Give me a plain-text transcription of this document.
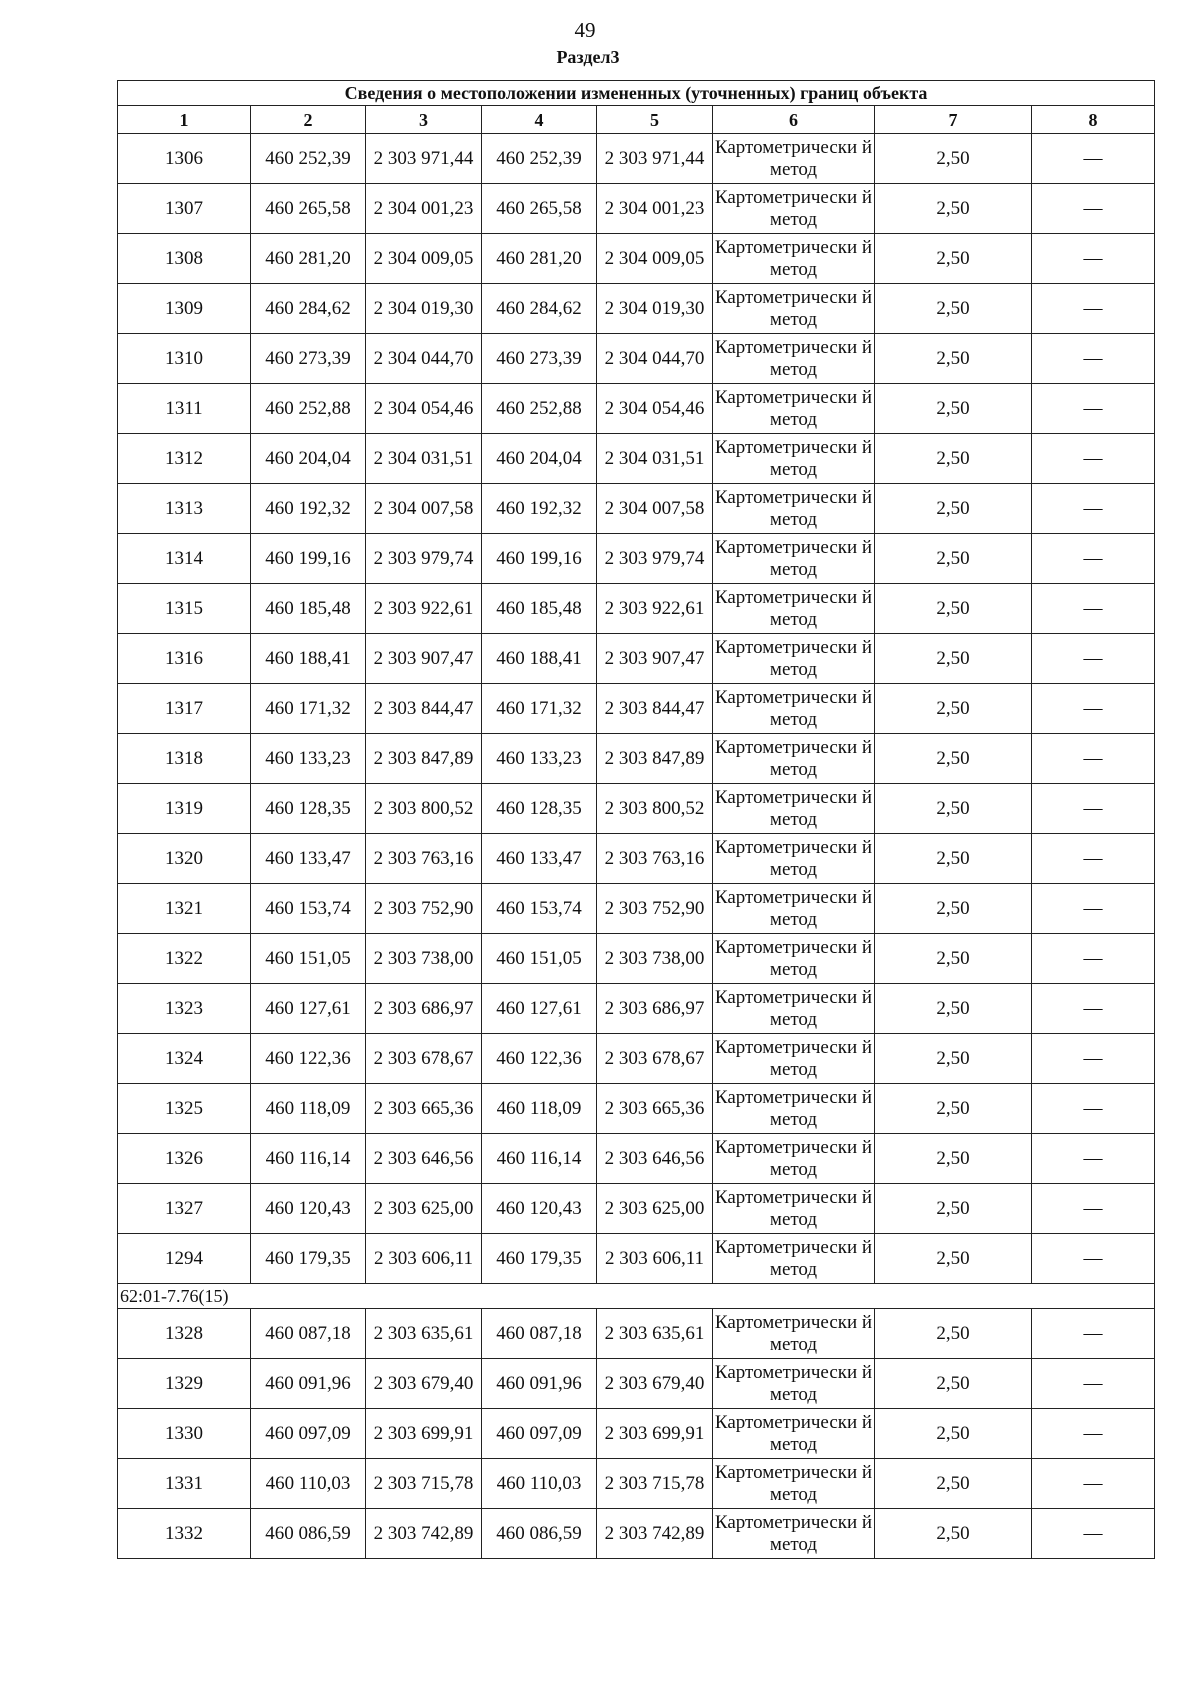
49
Раздел3
Сведения о местоположении измененных (уточненных) границ объекта							
1	2	3	4	5	6	7	8
1306	460 252,39	2 303 971,44	460 252,39	2 303 971,44	Картометрически й метод	2,50	—
1307	460 265,58	2 304 001,23	460 265,58	2 304 001,23	Картометрически й метод	2,50	—
1308	460 281,20	2 304 009,05	460 281,20	2 304 009,05	Картометрически й метод	2,50	—
1309	460 284,62	2 304 019,30	460 284,62	2 304 019,30	Картометрически й метод	2,50	—
1310	460 273,39	2 304 044,70	460 273,39	2 304 044,70	Картометрически й метод	2,50	—
1311	460 252,88	2 304 054,46	460 252,88	2 304 054,46	Картометрически й метод	2,50	—
1312	460 204,04	2 304 031,51	460 204,04	2 304 031,51	Картометрически й метод	2,50	—
1313	460 192,32	2 304 007,58	460 192,32	2 304 007,58	Картометрически й метод	2,50	—
1314	460 199,16	2 303 979,74	460 199,16	2 303 979,74	Картометрически й метод	2,50	—
1315	460 185,48	2 303 922,61	460 185,48	2 303 922,61	Картометрически й метод	2,50	—
1316	460 188,41	2 303 907,47	460 188,41	2 303 907,47	Картометрически й метод	2,50	—
1317	460 171,32	2 303 844,47	460 171,32	2 303 844,47	Картометрически й метод	2,50	—
1318	460 133,23	2 303 847,89	460 133,23	2 303 847,89	Картометрически й метод	2,50	—
1319	460 128,35	2 303 800,52	460 128,35	2 303 800,52	Картометрически й метод	2,50	—
1320	460 133,47	2 303 763,16	460 133,47	2 303 763,16	Картометрически й метод	2,50	—
1321	460 153,74	2 303 752,90	460 153,74	2 303 752,90	Картометрически й метод	2,50	—
1322	460 151,05	2 303 738,00	460 151,05	2 303 738,00	Картометрически й метод	2,50	—
1323	460 127,61	2 303 686,97	460 127,61	2 303 686,97	Картометрически й метод	2,50	—
1324	460 122,36	2 303 678,67	460 122,36	2 303 678,67	Картометрически й метод	2,50	—
1325	460 118,09	2 303 665,36	460 118,09	2 303 665,36	Картометрически й метод	2,50	—
1326	460 116,14	2 303 646,56	460 116,14	2 303 646,56	Картометрически й метод	2,50	—
1327	460 120,43	2 303 625,00	460 120,43	2 303 625,00	Картометрически й метод	2,50	—
1294	460 179,35	2 303 606,11	460 179,35	2 303 606,11	Картометрически й метод	2,50	—
62:01-7.76(15)							
1328	460 087,18	2 303 635,61	460 087,18	2 303 635,61	Картометрически й метод	2,50	—
1329	460 091,96	2 303 679,40	460 091,96	2 303 679,40	Картометрически й метод	2,50	—
1330	460 097,09	2 303 699,91	460 097,09	2 303 699,91	Картометрически й метод	2,50	—
1331	460 110,03	2 303 715,78	460 110,03	2 303 715,78	Картометрически й метод	2,50	—
1332	460 086,59	2 303 742,89	460 086,59	2 303 742,89	Картометрически й метод	2,50	—
